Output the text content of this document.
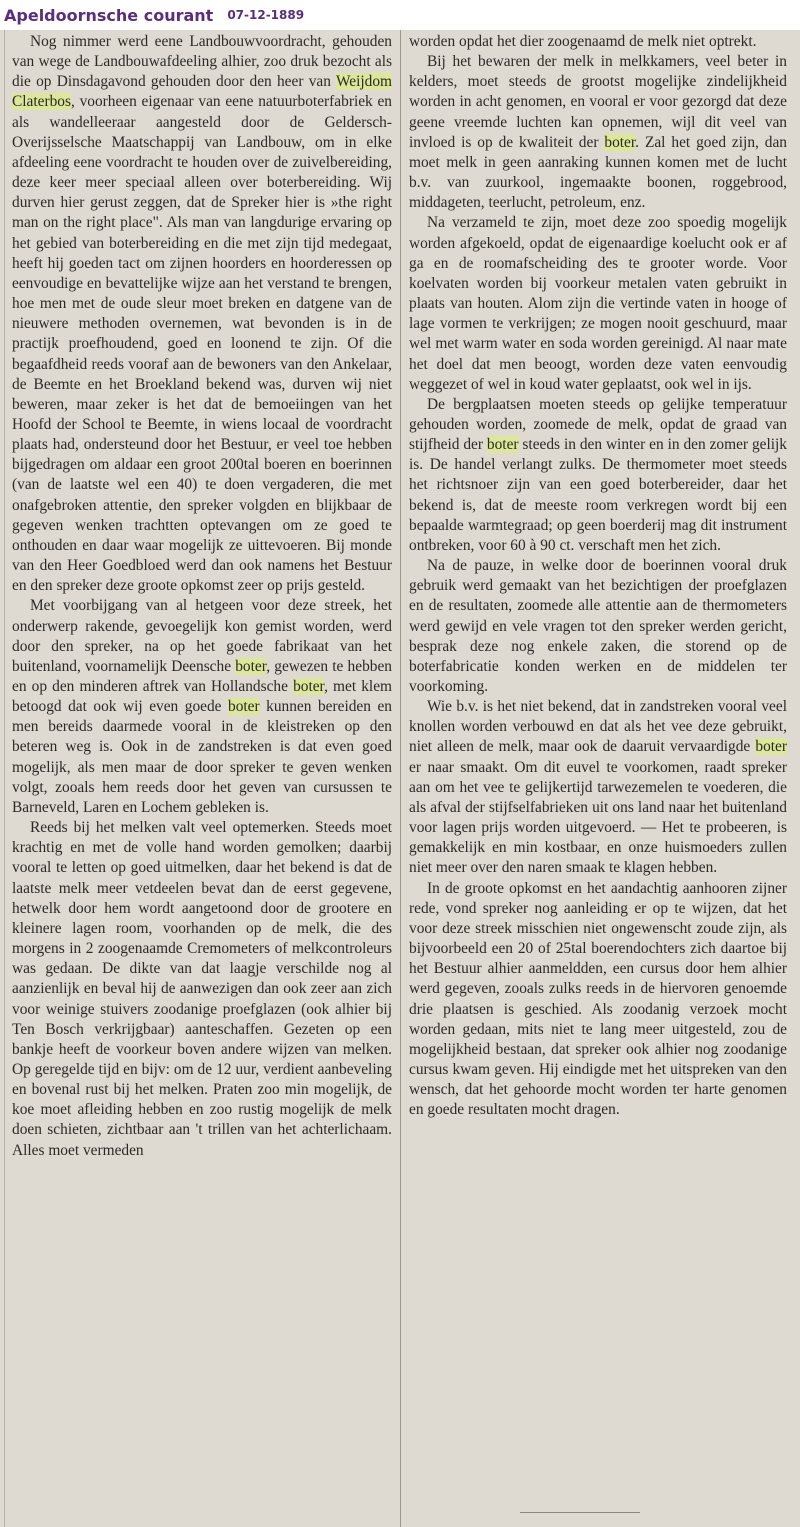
Apeldoornsche courant 07-12-1889

Nog nimmer werd eene Landbouwvoordracht, gehouden van wege de Landbouwafdeeling alhier, zoo druk bezocht als die op Dinsdagavond gehouden door den heer van Weijdom Claterbos, voorheen eigenaar van eene natuurboterfabriek en als wandelleeraar aangesteld door de Geldersch-Overijsselsche Maatschappij van Landbouw, om in elke afdeeling eene voordracht te houden over de zuivelbereiding, deze keer meer speciaal alleen over boterbereiding. Wij durven hier gerust zeggen, dat de Spreker hier is »the right man on the right place". Als man van langdurige ervaring op het gebied van boterbereiding en die met zijn tijd medegaat, heeft hij goeden tact om zijnen hoorders en hoorderessen op eenvoudige en bevattelijke wijze aan het verstand te brengen, hoe men met de oude sleur moet breken en datgene van de nieuwere methoden overnemen, wat bevonden is in de practijk proefhoudend, goed en loonend te zijn. Of die begaafdheid reeds vooraf aan de bewoners van den Ankelaar, de Beemte en het Broekland bekend was, durven wij niet beweren, maar zeker is het dat de bemoeiingen van het Hoofd der School te Beemte, in wiens locaal de voordracht plaats had, ondersteund door het Bestuur, er veel toe hebben bijgedragen om aldaar een groot 200tal boeren en boerinnen (van de laatste wel een 40) te doen vergaderen, die met onafgebroken attentie, den spreker volgden en blijkbaar de gegeven wenken trachtten optevangen om ze goed te onthouden en daar waar mogelijk ze uittevoeren. Bij monde van den Heer Goedbloed werd dan ook namens het Bestuur en den spreker deze groote opkomst zeer op prijs gesteld.

Met voorbijgang van al hetgeen voor deze streek, het onderwerp rakende, gevoegelijk kon gemist worden, werd door den spreker, na op het goede fabrikaat van het buitenland, voornamelijk Deensche boter, gewezen te hebben en op den minderen aftrek van Hollandsche boter, met klem betoogd dat ook wij even goede boter kunnen bereiden en men bereids daarmede vooral in de kleistreken op den beteren weg is. Ook in de zandstreken is dat even goed mogelijk, als men maar de door spreker te geven wenken volgt, zooals hem reeds door het geven van cursussen te Barneveld, Laren en Lochem gebleken is.

Reeds bij het melken valt veel optemerken. Steeds moet krachtig en met de volle hand worden gemolken; daarbij vooral te letten op goed uitmelken, daar het bekend is dat de laatste melk meer vetdeelen bevat dan de eerst gegevene, hetwelk door hem wordt aangetoond door de grootere en kleinere lagen room, voorhanden op de melk, die des morgens in 2 zoogenaamde Cremometers of melkcontroleurs was gedaan. De dikte van dat laagje verschilde nog al aanzienlijk en beval hij de aanwezigen dan ook zeer aan zich voor weinige stuivers zoodanige proefglazen (ook alhier bij Ten Bosch verkrijgbaar) aanteschaffen. Gezeten op een bankje heeft de voorkeur boven andere wijzen van melken. Op geregelde tijd en bijv: om de 12 uur, verdient aanbeveling en bovenal rust bij het melken. Praten zoo min mogelijk, de koe moet afleiding hebben en zoo rustig mogelijk de melk doen schieten, zichtbaar aan 't trillen van het achterlichaam. Alles moet vermeden

worden opdat het dier zoogenaamd de melk niet optrekt.

Bij het bewaren der melk in melkkamers, veel beter in kelders, moet steeds de grootst mogelijke zindelijkheid worden in acht genomen, en vooral er voor gezorgd dat deze geene vreemde luchten kan opnemen, wijl dit veel van invloed is op de kwaliteit der boter. Zal het goed zijn, dan moet melk in geen aanraking kunnen komen met de lucht b.v. van zuurkool, ingemaakte boonen, roggebrood, middageten, teerlucht, petroleum, enz.

Na verzameld te zijn, moet deze zoo spoedig mogelijk worden afgekoeld, opdat de eigenaardige koelucht ook er af ga en de roomafscheiding des te grooter worde. Voor koelvaten worden bij voorkeur metalen vaten gebruikt in plaats van houten. Alom zijn die vertinde vaten in hooge of lage vormen te verkrijgen; ze mogen nooit geschuurd, maar wel met warm water en soda worden gereinigd. Al naar mate het doel dat men beoogt, worden deze vaten eenvoudig weggezet of wel in koud water geplaatst, ook wel in ijs.

De bergplaatsen moeten steeds op gelijke temperatuur gehouden worden, zoomede de melk, opdat de graad van stijfheid der boter steeds in den winter en in den zomer gelijk is. De handel verlangt zulks. De thermometer moet steeds het richtsnoer zijn van een goed boterbereider, daar het bekend is, dat de meeste room verkregen wordt bij een bepaalde warmtegraad; op geen boerderij mag dit instrument ontbreken, voor 60 à 90 ct. verschaft men het zich.

Na de pauze, in welke door de boerinnen vooral druk gebruik werd gemaakt van het bezichtigen der proefglazen en de resultaten, zoomede alle attentie aan de thermometers werd gewijd en vele vragen tot den spreker werden gericht, besprak deze nog enkele zaken, die storend op de boterfabricatie konden werken en de middelen ter voorkoming.

Wie b.v. is het niet bekend, dat in zandstreken vooral veel knollen worden verbouwd en dat als het vee deze gebruikt, niet alleen de melk, maar ook de daaruit vervaardigde boter er naar smaakt. Om dit euvel te voorkomen, raadt spreker aan om het vee te gelijkertijd tarwezemelen te voederen, die als afval der stijfselfabrieken uit ons land naar het buitenland voor lagen prijs worden uitgevoerd. — Het te probeeren, is gemakkelijk en min kostbaar, en onze huismoeders zullen niet meer over den naren smaak te klagen hebben.

In de groote opkomst en het aandachtig aanhooren zijner rede, vond spreker nog aanleiding er op te wijzen, dat het voor deze streek misschien niet ongewenscht zoude zijn, als bijvoorbeeld een 20 of 25tal boerendochters zich daartoe bij het Bestuur alhier aanmeldden, een cursus door hem alhier werd gegeven, zooals zulks reeds in de hiervoren genoemde drie plaatsen is geschied. Als zoodanig verzoek mocht worden gedaan, mits niet te lang meer uitgesteld, zou de mogelijkheid bestaan, dat spreker ook alhier nog zoodanige cursus kwam geven. Hij eindigde met het uitspreken van den wensch, dat het gehoorde mocht worden ter harte genomen en goede resultaten mocht dragen.
